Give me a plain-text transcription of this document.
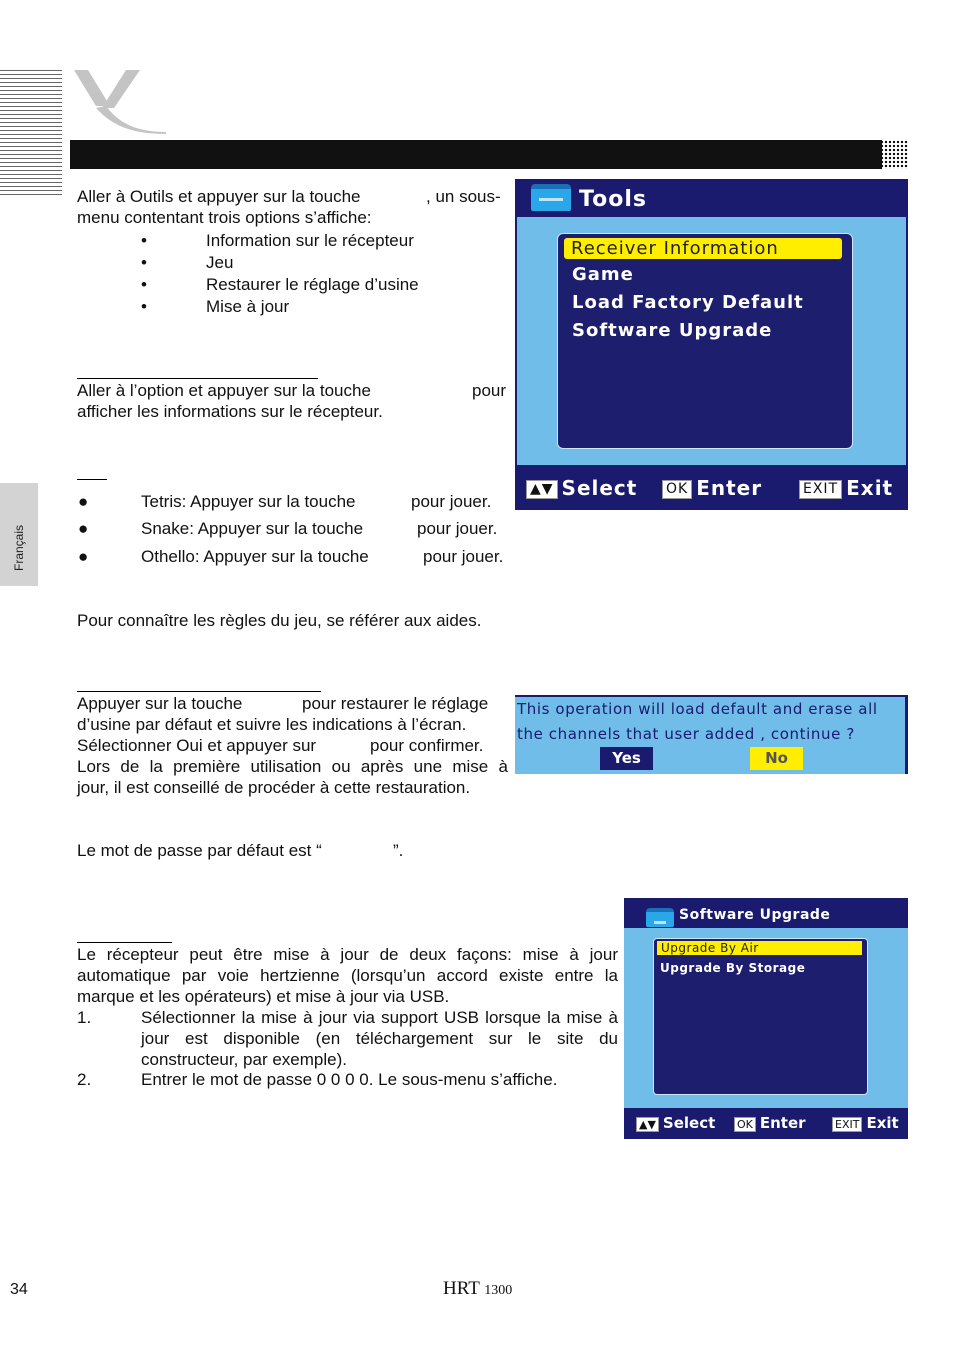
Français
Aller à Outils et appuyer sur la touche	, un sous-
menu contentant trois options s’affiche:
•	Information sur le récepteur
•	Jeu
•	Restaurer le réglage d’usine
•	Mise à jour
Aller à l’option et appuyer sur la touche	pour
afficher les informations sur le récepteur.
●	Tetris: Appuyer sur la touche	pour jouer.
●	Snake: Appuyer sur la touche	pour jouer.
●	Othello: Appuyer sur la touche	pour jouer.
Pour connaître les règles du jeu, se référer aux aides.
Appuyer sur la touche	pour restaurer le réglage
d’usine par défaut et suivre les indications à l’écran.
Sélectionner Oui et appuyer sur	pour confirmer.
Lors de la première utilisation ou après une mise à
jour, il est conseillé de procéder à cette restauration.
Le mot de passe par défaut est “	”.
Le récepteur peut être mise à jour de deux façons: mise à jour automatique par voie hertzienne (lorsqu’un accord existe entre la marque et les opérateurs) et mise à jour via USB.
1.	Sélectionner la mise à jour via support USB lorsque la mise à jour est disponible (en téléchargement sur le site du constructeur, par exemple).
2.	Entrer le mot de passe 0 0 0 0. Le sous-menu s’affiche.
Tools
Receiver Information
Game
Load Factory Default
Software Upgrade
▲▼ Select OK Enter	EXIT Exit
This operation will load default and erase all
the channels that user added , continue ?
Yes	No
Software Upgrade
Upgrade By Air
Upgrade By Storage
▲▼ Select OK Enter	EXIT Exit
34	HRT 1300
